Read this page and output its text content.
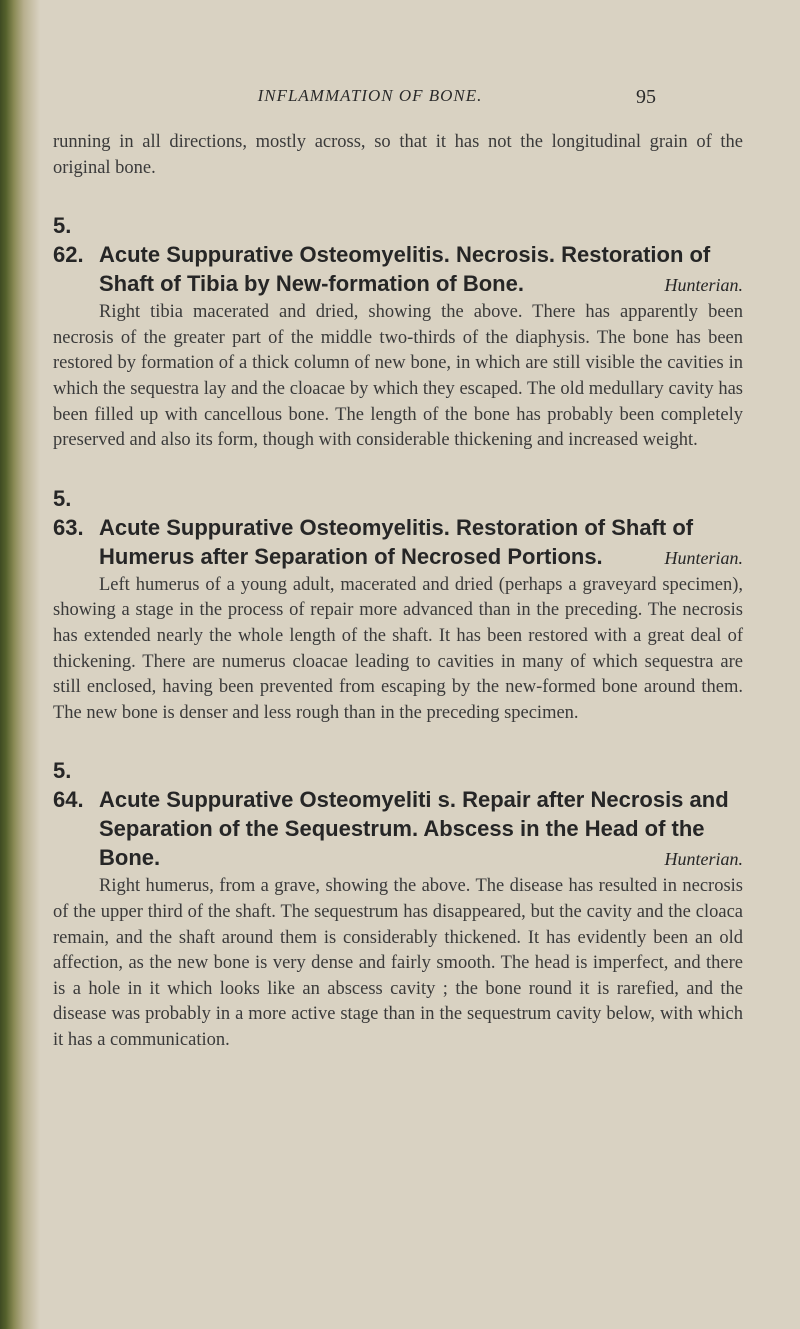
INFLAMMATION OF BONE.	95

running in all directions, mostly across, so that it has not the longitudinal grain of the original bone.

5. 62. Acute Suppurative Osteomyelitis. Necrosis. Restoration of Shaft of Tibia by New-formation of Bone.	Hunterian.

Right tibia macerated and dried, showing the above. There has apparently been necrosis of the greater part of the middle two-thirds of the diaphysis. The bone has been restored by formation of a thick column of new bone, in which are still visible the cavities in which the sequestra lay and the cloacae by which they escaped. The old medullary cavity has been filled up with cancellous bone. The length of the bone has probably been completely preserved and also its form, though with considerable thickening and increased weight.

5. 63. Acute Suppurative Osteomyelitis. Restoration of Shaft of Humerus after Separation of Necrosed Portions.	Hunterian.

Left humerus of a young adult, macerated and dried (perhaps a graveyard specimen), showing a stage in the process of repair more advanced than in the preceding. The necrosis has extended nearly the whole length of the shaft. It has been restored with a great deal of thickening. There are numerus cloacae leading to cavities in many of which sequestra are still enclosed, having been prevented from escaping by the new-formed bone around them. The new bone is denser and less rough than in the preceding specimen.

5. 64. Acute Suppurative Osteomyeliti s. Repair after Necrosis and Separation of the Sequestrum. Abscess in the Head of the Bone.	Hunterian.

Right humerus, from a grave, showing the above. The disease has resulted in necrosis of the upper third of the shaft. The sequestrum has disappeared, but the cavity and the cloaca remain, and the shaft around them is considerably thickened. It has evidently been an old affection, as the new bone is very dense and fairly smooth. The head is imperfect, and there is a hole in it which looks like an abscess cavity ; the bone round it is rarefied, and the disease was probably in a more active stage than in the sequestrum cavity below, with which it has a communication.
